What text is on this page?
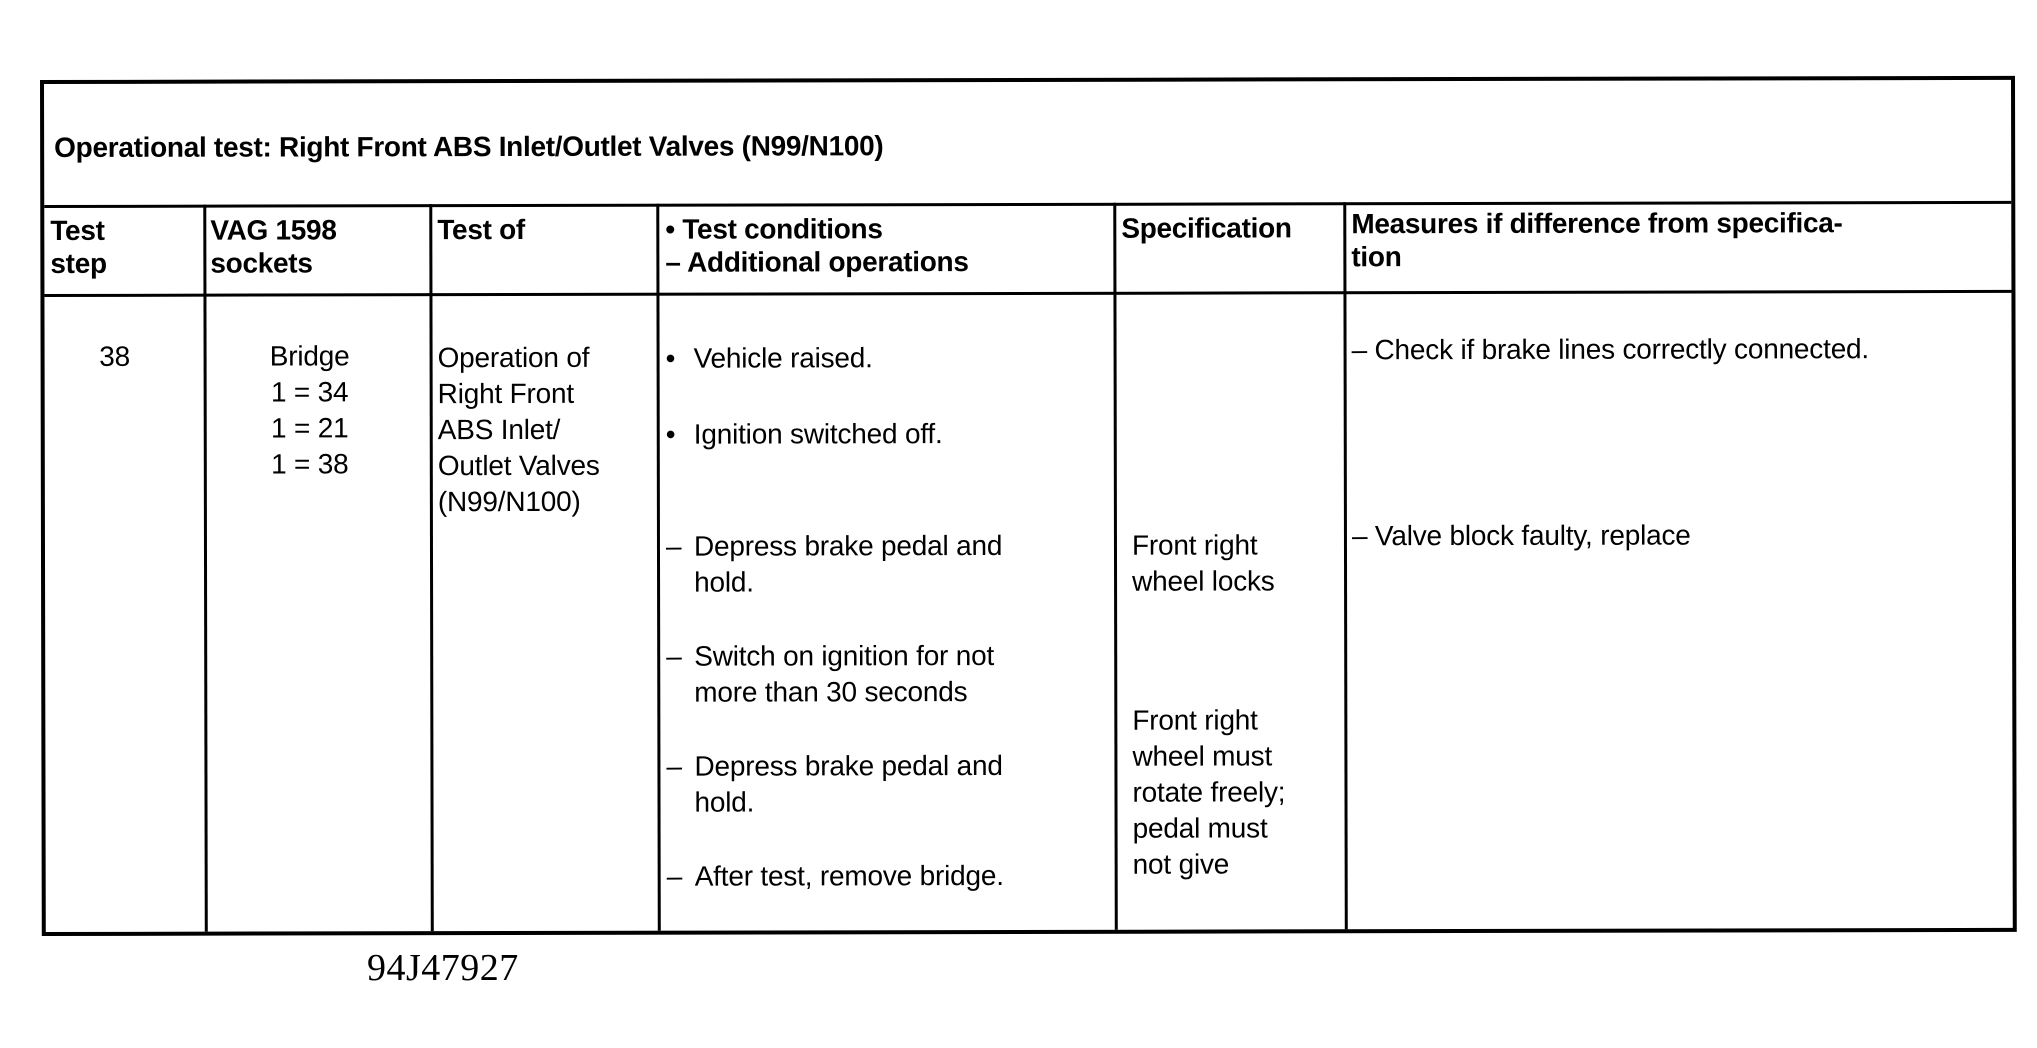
Operational test: Right Front ABS Inlet/Outlet Valves (N99/N100)
Test
step
VAG 1598
sockets
Test of	• Test conditions
– Additional operations
Specification Measures if difference from specifica-
tion
38	Bridge
1 = 34
1 = 21
1 = 38
Operation of
Right Front
ABS Inlet/
Outlet Valves
(N99/N100)
• Vehicle raised.
• Ignition switched off.
– Depress brake pedal and
hold.
– Switch on ignition for not
more than 30 seconds
– Depress brake pedal and
hold.
– After test, remove bridge.
Front right
wheel locks
Front right
wheel must
rotate freely;
pedal must
not give
– Check if brake lines correctly connected.
– Valve block faulty, replace
94J47927
